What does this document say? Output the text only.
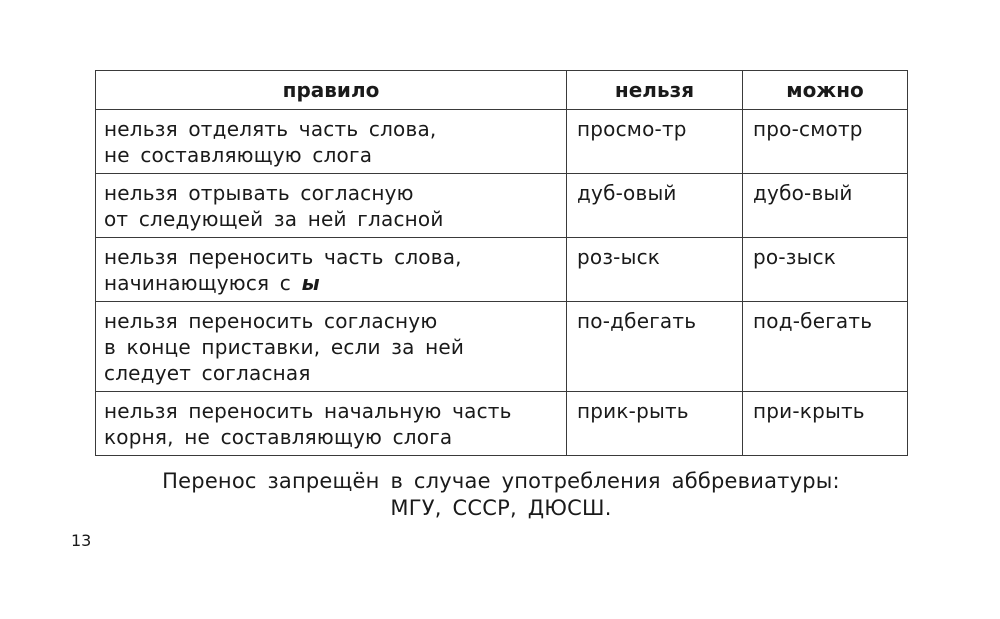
правило	нельзя	можно

нельзя отделять часть слова,
не составляющую слога	просмо-тр	про-смотр

нельзя отрывать согласную
от следующей за ней гласной	дуб-овый	дубо-вый

нельзя переносить часть слова,
начинающуюся с ы	роз-ыск	ро-зыск

нельзя переносить согласную
в конце приставки, если за ней
следует согласная	по-дбегать	под-бегать

нельзя переносить начальную часть
корня, не составляющую слога	прик-рыть	при-крыть
Перенос запрещён в случае употребления аббревиатуры:
МГУ, СССР, ДЮСШ.
13
